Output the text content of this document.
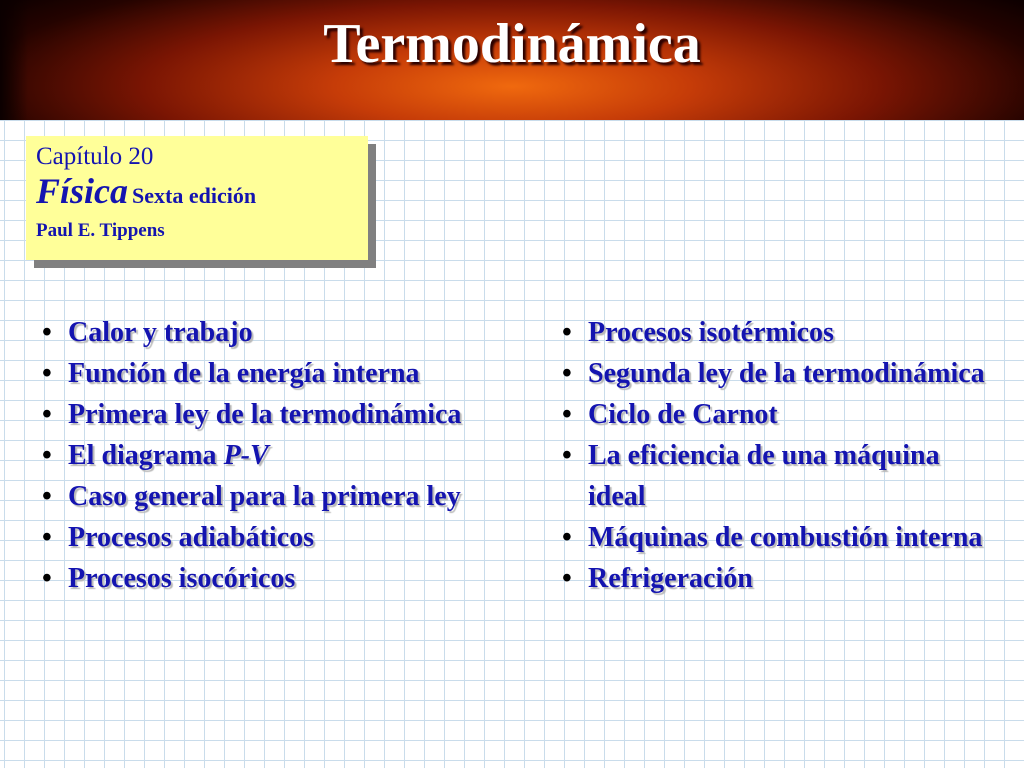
Termodinámica
Capítulo 20
Física Sexta edición
Paul E. Tippens
• Calor y trabajo
• Función de la energía interna
• Primera ley de la termodinámica
• El diagrama P-V
• Caso general para la primera ley
• Procesos adiabáticos
• Procesos isocóricos
• Procesos isotérmicos
• Segunda ley de la termodinámica
• Ciclo de Carnot
• La eficiencia de una máquina ideal
• Máquinas de combustión interna
• Refrigeración
